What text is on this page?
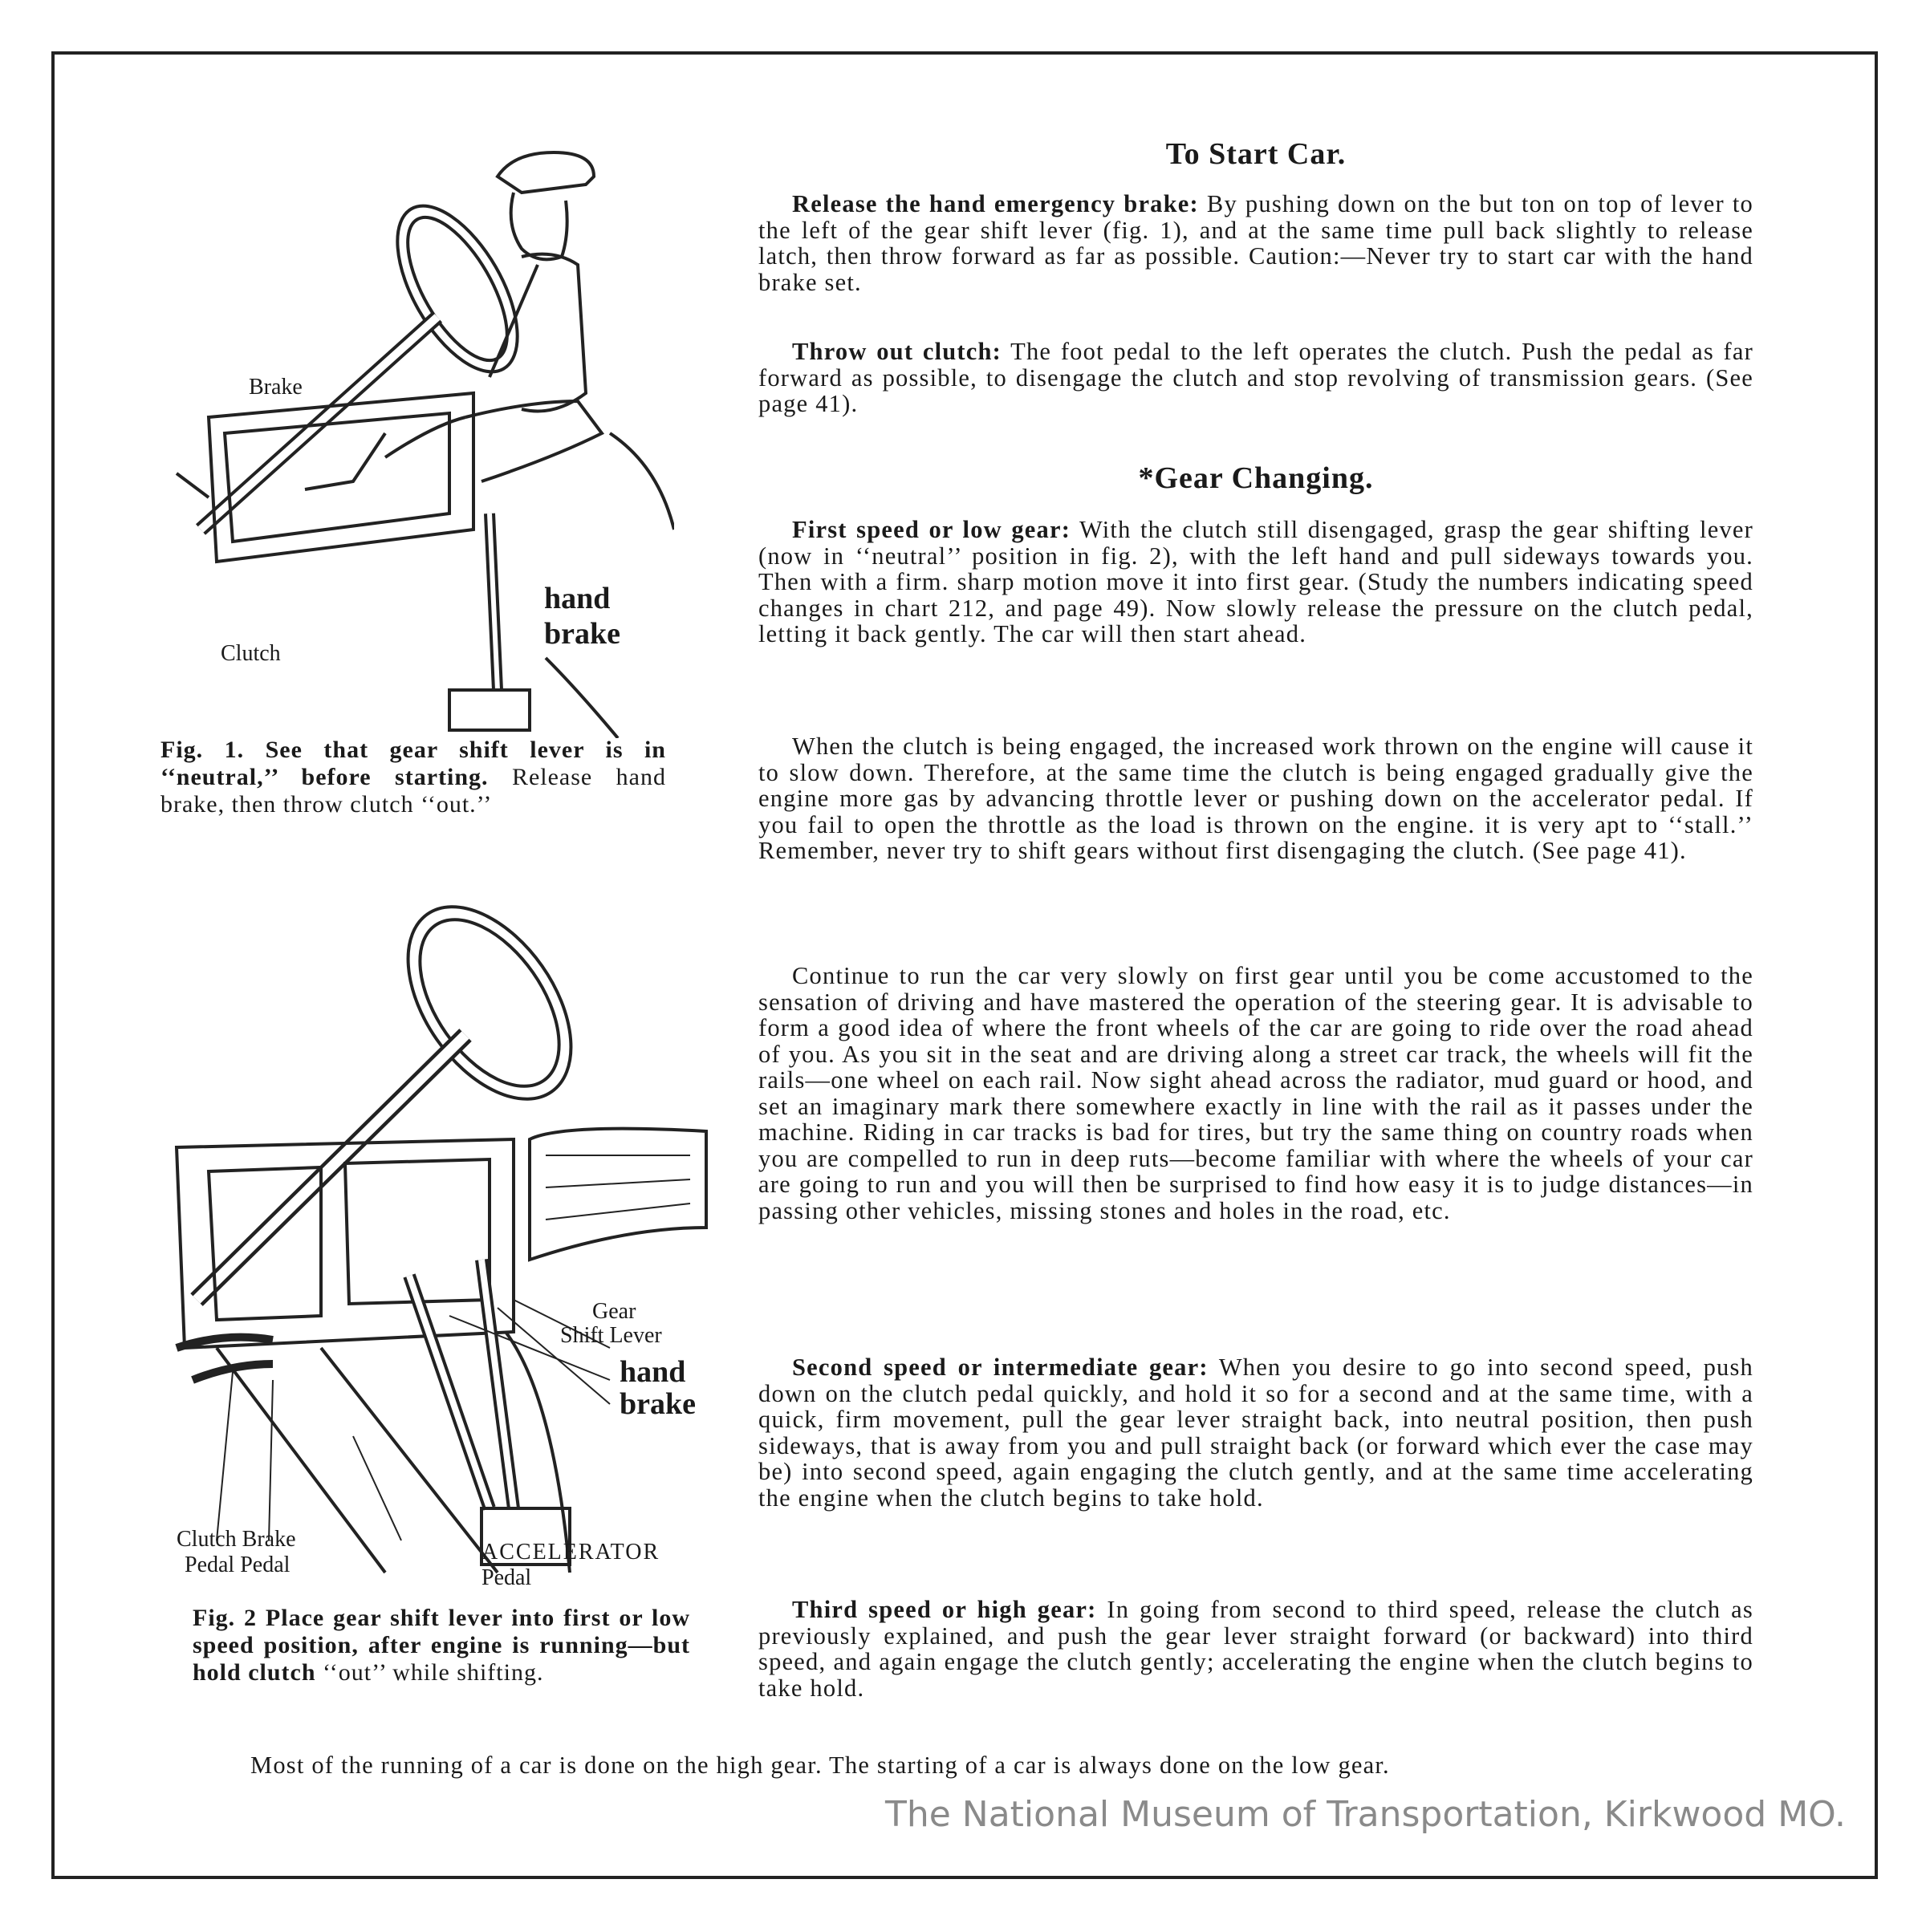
Brake
Clutch
hand
brake
Fig. 1. See that gear shift lever is in ‘‘neutral,’’ before starting. Release hand brake, then throw clutch ‘‘out.’’
Gear
Shift Lever
hand
brake
Clutch Brake
Pedal Pedal
ACCELERATOR
Pedal
Fig. 2 Place gear shift lever into first or low speed position, after engine is running—but hold clutch ‘‘out’’ while shifting.
To Start Car.

Release the hand emergency brake: By pushing down on the but ton on top of lever to the left of the gear shift lever (fig. 1), and at the same time pull back slightly to release latch, then throw forward as far as possible. Caution:—Never try to start car with the hand brake set.

Throw out clutch: The foot pedal to the left operates the clutch. Push the pedal as far forward as possible, to disengage the clutch and stop revolving of transmission gears. (See page 41).

*Gear Changing.

First speed or low gear: With the clutch still disengaged, grasp the gear shifting lever (now in ‘‘neutral’’ position in fig. 2), with the left hand and pull sideways towards you. Then with a firm. sharp motion move it into first gear. (Study the numbers indicating speed changes in chart 212, and page 49). Now slowly release the pressure on the clutch pedal, letting it back gently. The car will then start ahead.

When the clutch is being engaged, the increased work thrown on the engine will cause it to slow down. Therefore, at the same time the clutch is being engaged gradually give the engine more gas by advancing throttle lever or pushing down on the accelerator pedal. If you fail to open the throttle as the load is thrown on the engine. it is very apt to ‘‘stall.’’ Remember, never try to shift gears without first disengaging the clutch. (See page 41).

Continue to run the car very slowly on first gear until you be come accustomed to the sensation of driving and have mastered the operation of the steering gear. It is advisable to form a good idea of where the front wheels of the car are going to ride over the road ahead of you. As you sit in the seat and are driving along a street car track, the wheels will fit the rails—one wheel on each rail. Now sight ahead across the radiator, mud guard or hood, and set an imaginary mark there somewhere exactly in line with the rail as it passes under the machine. Riding in car tracks is bad for tires, but try the same thing on country roads when you are compelled to run in deep ruts—become familiar with where the wheels of your car are going to run and you will then be surprised to find how easy it is to judge distances—in passing other vehicles, missing stones and holes in the road, etc.

Second speed or intermediate gear: When you desire to go into second speed, push down on the clutch pedal quickly, and hold it so for a second and at the same time, with a quick, firm movement, pull the gear lever straight back, into neutral position, then push sideways, that is away from you and pull straight back (or forward which ever the case may be) into second speed, again engaging the clutch gently, and at the same time accelerating the engine when the clutch begins to take hold.

Third speed or high gear: In going from second to third speed, release the clutch as previously explained, and push the gear lever straight forward (or backward) into third speed, and again engage the clutch gently; accelerating the engine when the clutch begins to take hold.

Most of the running of a car is done on the high gear. The starting of a car is always done on the low gear.

The National Museum of Transportation, Kirkwood MO.
